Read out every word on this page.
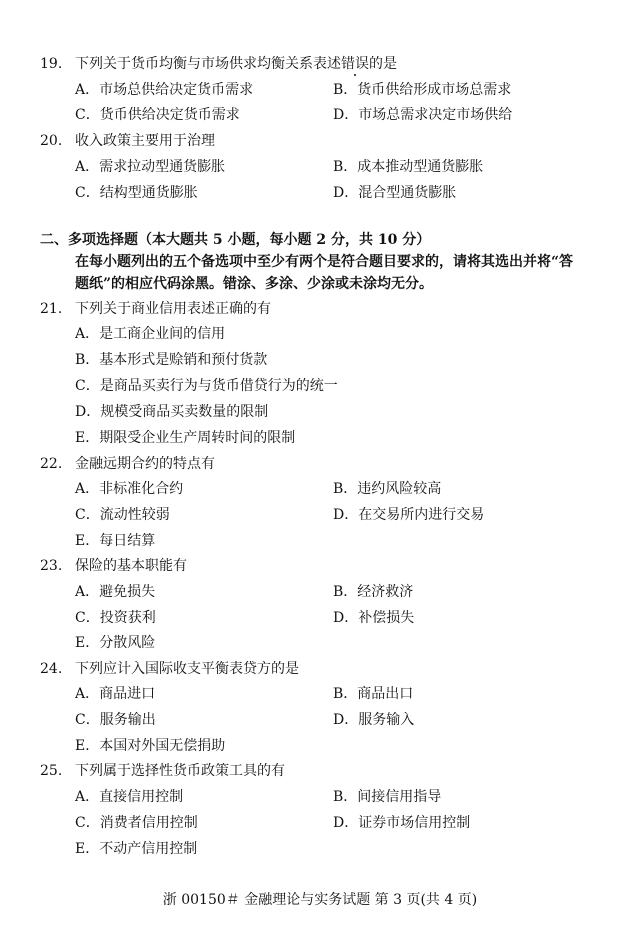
19. 下列关于货币均衡与市场供求均衡关系表述错误的是
A．市场总供给决定货币需求	B．货币供给形成市场总需求
C．货币供给决定货币需求	D．市场总需求决定市场供给
20. 收入政策主要用于治理
A．需求拉动型通货膨胀	B．成本推动型通货膨胀
C．结构型通货膨胀	D．混合型通货膨胀
二、多项选择题（本大题共 5 小题，每小题 2 分，共 10 分）
在每小题列出的五个备选项中至少有两个是符合题目要求的，请将其选出并将“答
题纸”的相应代码涂黑。错涂、多涂、少涂或未涂均无分。
21. 下列关于商业信用表述正确的有
A．是工商企业间的信用
B．基本形式是赊销和预付货款
C．是商品买卖行为与货币借贷行为的统一
D．规模受商品买卖数量的限制
E．期限受企业生产周转时间的限制
22. 金融远期合约的特点有
A．非标准化合约	B．违约风险较高
C．流动性较弱	D．在交易所内进行交易
E．每日结算
23. 保险的基本职能有
A．避免损失	B．经济救济
C．投资获利	D．补偿损失
E．分散风险
24. 下列应计入国际收支平衡表贷方的是
A．商品进口	B．商品出口
C．服务输出	D．服务输入
E．本国对外国无偿捐助
25. 下列属于选择性货币政策工具的有
A．直接信用控制	B．间接信用指导
C．消费者信用控制	D．证券市场信用控制
E．不动产信用控制
浙 00150＃ 金融理论与实务试题 第 3 页(共 4 页)
